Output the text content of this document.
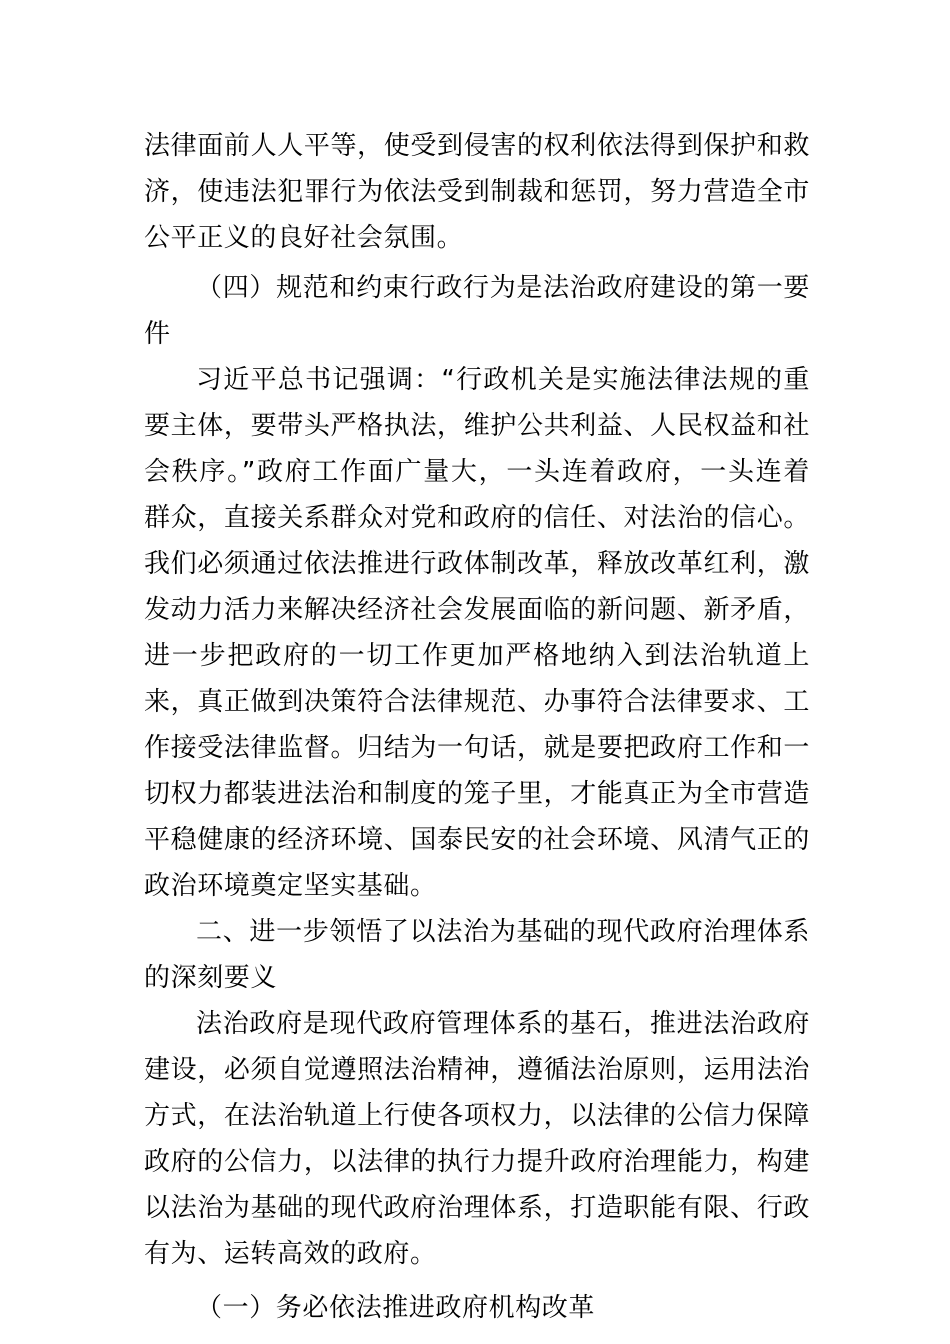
法律面前人人平等，使受到侵害的权利依法得到保护和救济，使违法犯罪行为依法受到制裁和惩罚，努力营造全市公平正义的良好社会氛围。

（四）规范和约束行政行为是法治政府建设的第一要件

习近平总书记强调：“行政机关是实施法律法规的重要主体，要带头严格执法，维护公共利益、人民权益和社会秩序。”政府工作面广量大，一头连着政府，一头连着群众，直接关系群众对党和政府的信任、对法治的信心。我们必须通过依法推进行政体制改革，释放改革红利，激发动力活力来解决经济社会发展面临的新问题、新矛盾，进一步把政府的一切工作更加严格地纳入到法治轨道上来，真正做到决策符合法律规范、办事符合法律要求、工作接受法律监督。归结为一句话，就是要把政府工作和一切权力都装进法治和制度的笼子里，才能真正为全市营造平稳健康的经济环境、国泰民安的社会环境、风清气正的政治环境奠定坚实基础。

二、进一步领悟了以法治为基础的现代政府治理体系的深刻要义

法治政府是现代政府管理体系的基石，推进法治政府建设，必须自觉遵照法治精神，遵循法治原则，运用法治方式，在法治轨道上行使各项权力，以法律的公信力保障政府的公信力，以法律的执行力提升政府治理能力，构建以法治为基础的现代政府治理体系，打造职能有限、行政有为、运转高效的政府。

（一）务必依法推进政府机构改革
